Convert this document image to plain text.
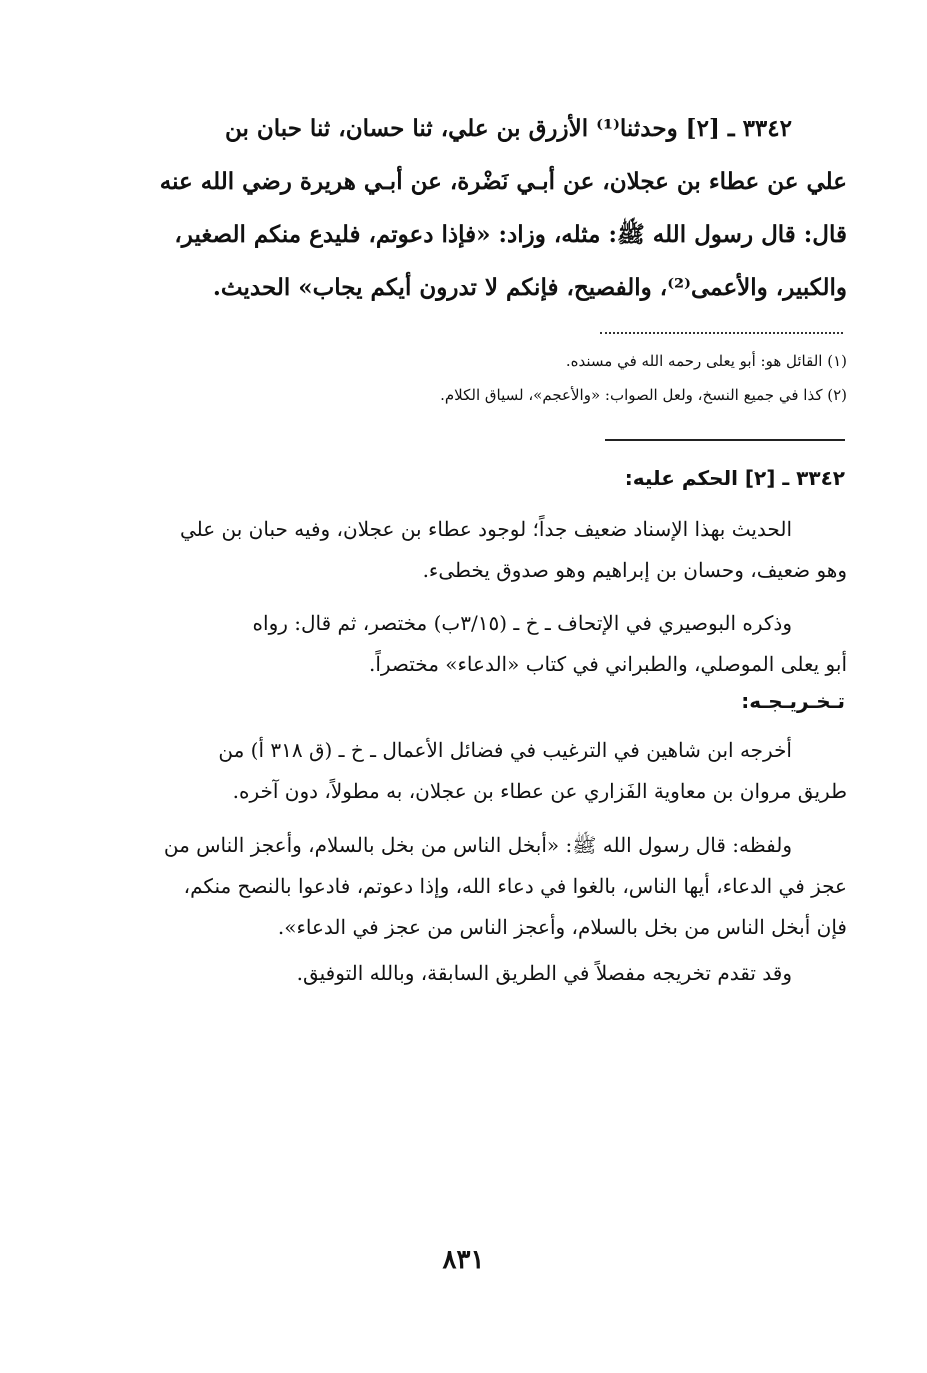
٣٣٤٢ ـ [٢] وحدثنا⁽¹⁾ الأزرق بن علي، ثنا حسان، ثنا حبان بن
علي عن عطاء بن عجلان، عن أبـي نَضْرة، عن أبـي هريرة رضي الله عنه
قال: قال رسول الله ﷺ: مثله، وزاد: «فإذا دعوتم، فليدع منكم الصغير،
والكبير، والأعمى⁽²⁾، والفصيح، فإنكم لا تدرون أيكم يجاب» الحديث.
(١) القائل هو: أبو يعلى رحمه الله في مسنده.
(٢) كذا في جميع النسخ، ولعل الصواب: «والأعجم»، لسياق الكلام.
٣٣٤٢ ـ [٢] الحكم عليه:
الحديث بهذا الإسناد ضعيف جداً؛ لوجود عطاء بن عجلان، وفيه حبان بن علي
وهو ضعيف، وحسان بن إبراهيم وهو صدوق يخطىء.
وذكره البوصيري في الإتحاف ـ خ ـ (٣/١٥ب) مختصر، ثم قال: رواه
أبو يعلى الموصلي، والطبراني في كتاب «الدعاء» مختصراً.
تـخـريـجـه:
أخرجه ابن شاهين في الترغيب في فضائل الأعمال ـ خ ـ (ق ٣١٨ أ) من
طريق مروان بن معاوية الفَزاري عن عطاء بن عجلان، به مطولاً، دون آخره.
ولفظه: قال رسول الله ﷺ: «أبخل الناس من بخل بالسلام، وأعجز الناس من
عجز في الدعاء، أيها الناس، بالغوا في دعاء الله، وإذا دعوتم، فادعوا بالنصح منكم،
فإن أبخل الناس من بخل بالسلام، وأعجز الناس من عجز في الدعاء».
وقد تقدم تخريجه مفصلاً في الطريق السابقة، وبالله التوفيق.
٨٣١
